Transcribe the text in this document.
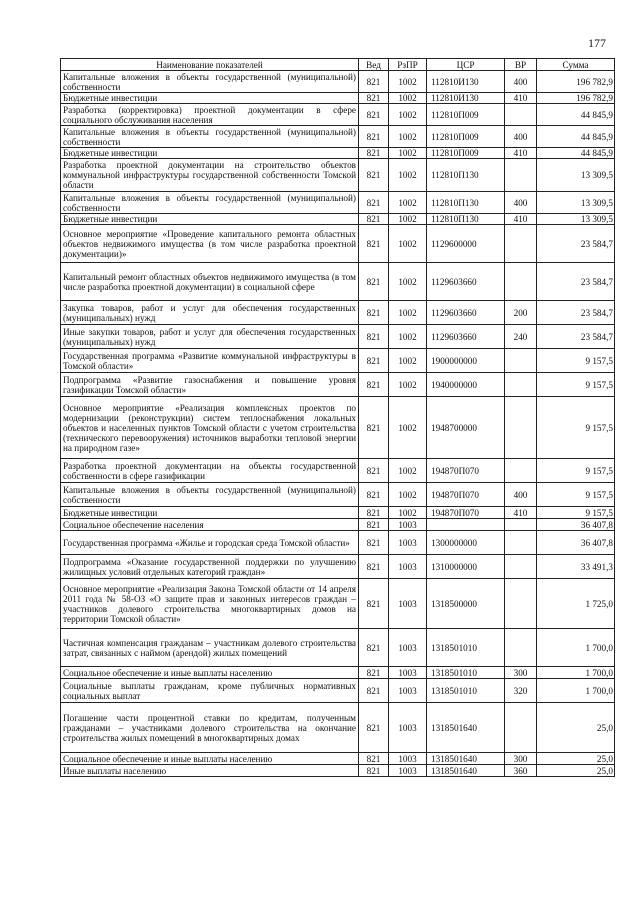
177
Наименование показателей	Вед	РзПР	ЦСР	ВР	Сумма
Капитальные вложения в объекты государственной (муниципальной) собственности	821	1002	112810И130	400	196 782,9
Бюджетные инвестиции	821	1002	112810И130	410	196 782,9
Разработка (корректировка) проектной документации в сфере социального обслуживания населения	821	1002	112810П009		44 845,9
Капитальные вложения в объекты государственной (муниципальной) собственности	821	1002	112810П009	400	44 845,9
Бюджетные инвестиции	821	1002	112810П009	410	44 845,9
Разработка проектной документации на строительство объектов коммунальной инфраструктуры государственной собственности Томской области	821	1002	112810П130		13 309,5
Капитальные вложения в объекты государственной (муниципальной) собственности	821	1002	112810П130	400	13 309,5
Бюджетные инвестиции	821	1002	112810П130	410	13 309,5
Основное мероприятие «Проведение капитального ремонта областных объектов недвижимого имущества (в том числе разработка проектной документации)»	821	1002	1129600000		23 584,7
Капитальный ремонт областных объектов недвижимого имущества (в том числе разработка проектной документации) в социальной сфере	821	1002	1129603660		23 584,7
Закупка товаров, работ и услуг для обеспечения государственных (муниципальных) нужд	821	1002	1129603660	200	23 584,7
Иные закупки товаров, работ и услуг для обеспечения государственных (муниципальных) нужд	821	1002	1129603660	240	23 584,7
Государственная программа «Развитие коммунальной инфраструктуры в Томской области»	821	1002	1900000000		9 157,5
Подпрограмма «Развитие газоснабжения и повышение уровня газификации Томской области»	821	1002	1940000000		9 157,5
Основное мероприятие «Реализация комплексных проектов по модернизации (реконструкции) систем теплоснабжения локальных объектов и населенных пунктов Томской области с учетом строительства (технического перевооружения) источников выработки тепловой энергии на природном газе»	821	1002	1948700000		9 157,5
Разработка проектной документации на объекты государственной собственности в сфере газификации	821	1002	194870П070		9 157,5
Капитальные вложения в объекты государственной (муниципальной) собственности	821	1002	194870П070	400	9 157,5
Бюджетные инвестиции	821	1002	194870П070	410	9 157,5
Социальное обеспечение населения	821	1003			36 407,8
Государственная программа «Жилье и городская среда Томской области»	821	1003	1300000000		36 407,8
Подпрограмма «Оказание государственной поддержки по улучшению жилищных условий отдельных категорий граждан»	821	1003	1310000000		33 491,3
Основное мероприятие «Реализация Закона Томской области от 14 апреля 2011 года № 58-ОЗ «О защите прав и законных интересов граждан – участников долевого строительства многоквартирных домов на территории Томской области»	821	1003	1318500000		1 725,0
Частичная компенсация гражданам – участникам долевого строительства затрат, связанных с наймом (арендой) жилых помещений	821	1003	1318501010		1 700,0
Социальное обеспечение и иные выплаты населению	821	1003	1318501010	300	1 700,0
Социальные выплаты гражданам, кроме публичных нормативных социальных выплат	821	1003	1318501010	320	1 700,0
Погашение части процентной ставки по кредитам, полученным гражданами – участниками долевого строительства на окончание строительства жилых помещений в многоквартирных домах	821	1003	1318501640		25,0
Социальное обеспечение и иные выплаты населению	821	1003	1318501640	300	25,0
Иные выплаты населению	821	1003	1318501640	360	25,0
